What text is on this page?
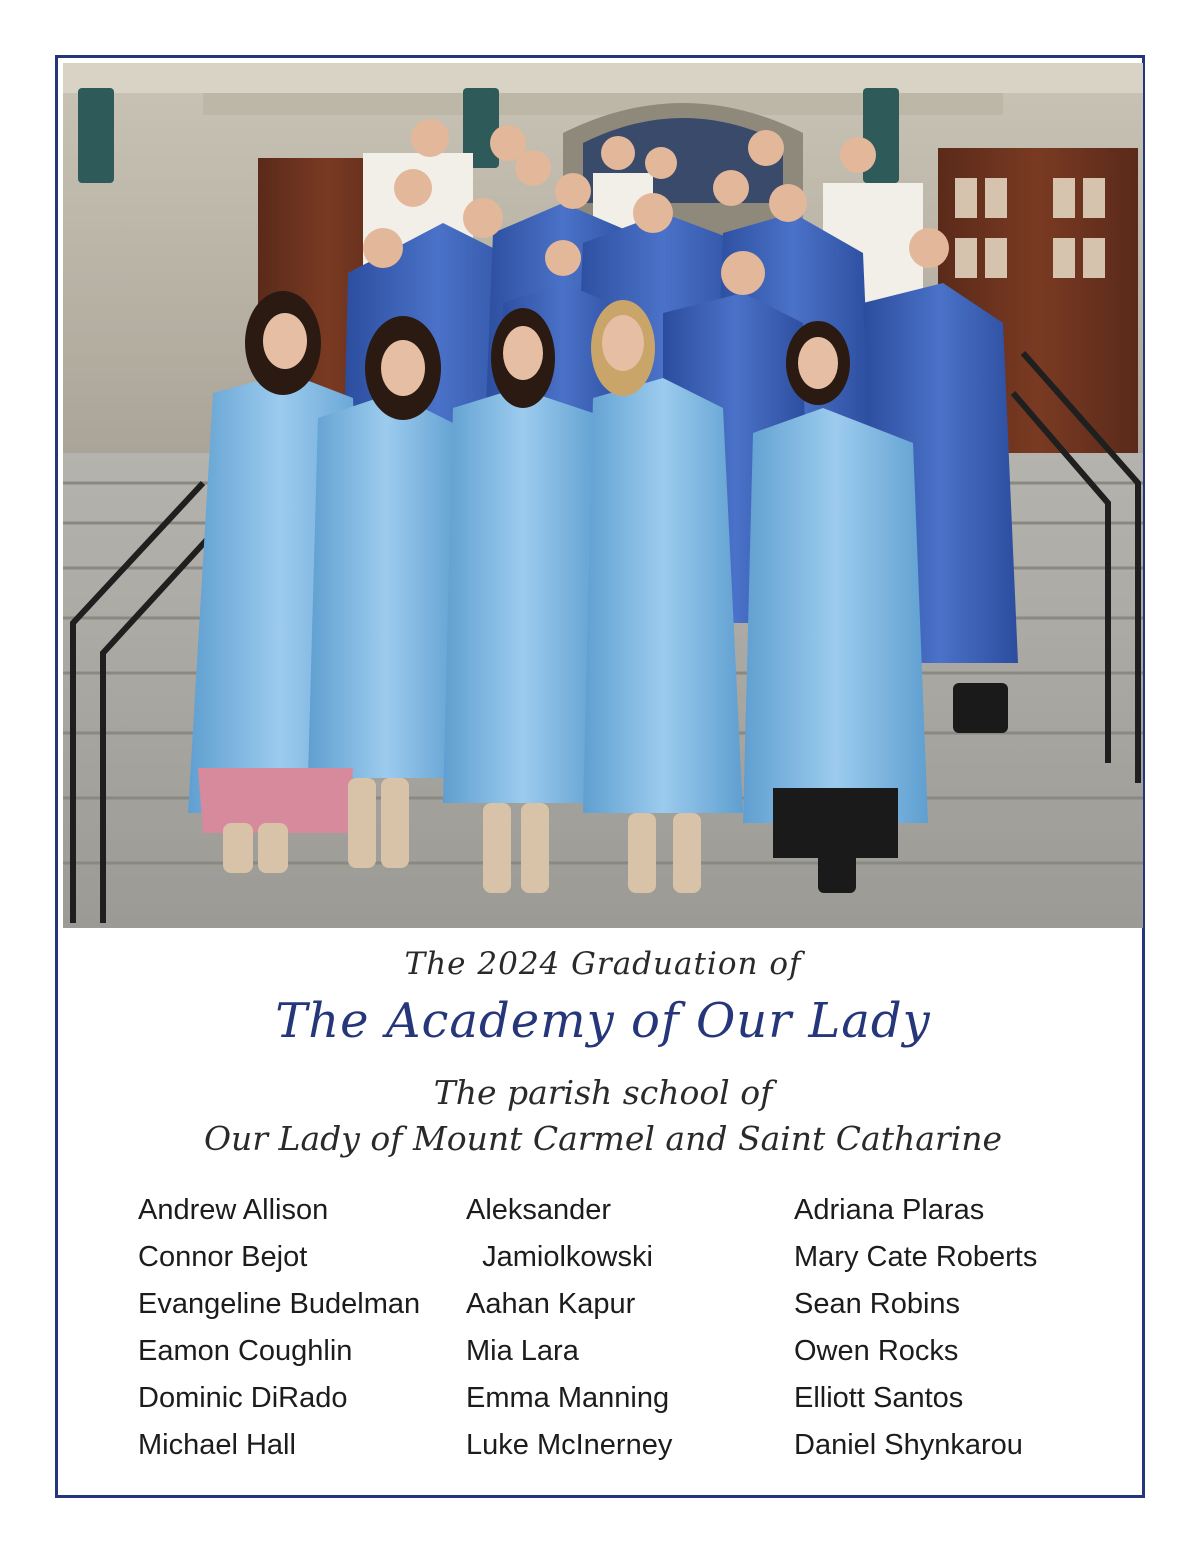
The 2024 Graduation of
The Academy of Our Lady
The parish school of
Our Lady of Mount Carmel and Saint Catharine
Andrew Allison
Connor Bejot
Evangeline Budelman
Eamon Coughlin
Dominic DiRado
Michael Hall
Aleksander
Jamiolkowski
Aahan Kapur
Mia Lara
Emma Manning
Luke McInerney
Adriana Plaras
Mary Cate Roberts
Sean Robins
Owen Rocks
Elliott Santos
Daniel Shynkarou
